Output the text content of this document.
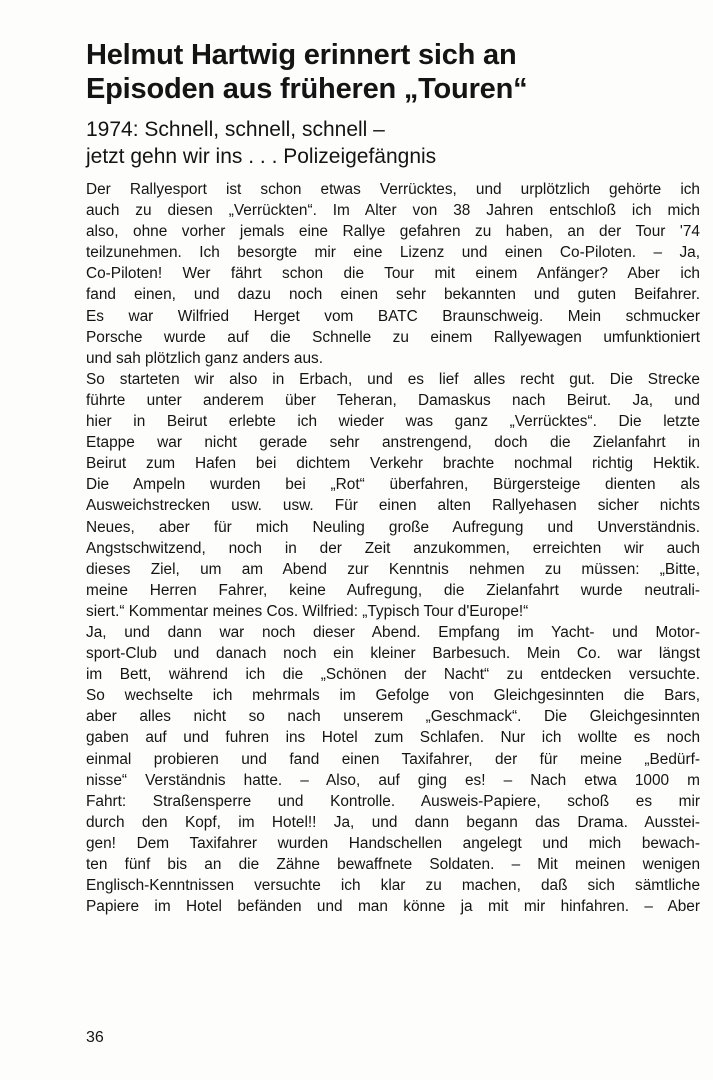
Helmut Hartwig erinnert sich an
Episoden aus früheren „Touren“
1974: Schnell, schnell, schnell –
jetzt gehn wir ins . . . Polizeigefängnis
Der Rallyesport ist schon etwas Verrücktes, und urplötzlich gehörte ich
auch zu diesen „Verrückten“. Im Alter von 38 Jahren entschloß ich mich
also, ohne vorher jemals eine Rallye gefahren zu haben, an der Tour '74
teilzunehmen. Ich besorgte mir eine Lizenz und einen Co-Piloten. – Ja,
Co-Piloten! Wer fährt schon die Tour mit einem Anfänger? Aber ich
fand einen, und dazu noch einen sehr bekannten und guten Beifahrer.
Es war Wilfried Herget vom BATC Braunschweig. Mein schmucker
Porsche wurde auf die Schnelle zu einem Rallyewagen umfunktioniert
und sah plötzlich ganz anders aus.
So starteten wir also in Erbach, und es lief alles recht gut. Die Strecke
führte unter anderem über Teheran, Damaskus nach Beirut. Ja, und
hier in Beirut erlebte ich wieder was ganz „Verrücktes“. Die letzte
Etappe war nicht gerade sehr anstrengend, doch die Zielanfahrt in
Beirut zum Hafen bei dichtem Verkehr brachte nochmal richtig Hektik.
Die Ampeln wurden bei „Rot“ überfahren, Bürgersteige dienten als
Ausweichstrecken usw. usw. Für einen alten Rallyehasen sicher nichts
Neues, aber für mich Neuling große Aufregung und Unverständnis.
Angstschwitzend, noch in der Zeit anzukommen, erreichten wir auch
dieses Ziel, um am Abend zur Kenntnis nehmen zu müssen: „Bitte,
meine Herren Fahrer, keine Aufregung, die Zielanfahrt wurde neutrali-
siert.“ Kommentar meines Cos. Wilfried: „Typisch Tour d'Europe!“
Ja, und dann war noch dieser Abend. Empfang im Yacht- und Motor-
sport-Club und danach noch ein kleiner Barbesuch. Mein Co. war längst
im Bett, während ich die „Schönen der Nacht“ zu entdecken versuchte.
So wechselte ich mehrmals im Gefolge von Gleichgesinnten die Bars,
aber alles nicht so nach unserem „Geschmack“. Die Gleichgesinnten
gaben auf und fuhren ins Hotel zum Schlafen. Nur ich wollte es noch
einmal probieren und fand einen Taxifahrer, der für meine „Bedürf-
nisse“ Verständnis hatte. – Also, auf ging es! – Nach etwa 1000 m
Fahrt: Straßensperre und Kontrolle. Ausweis-Papiere, schoß es mir
durch den Kopf, im Hotel!! Ja, und dann begann das Drama. Ausstei-
gen! Dem Taxifahrer wurden Handschellen angelegt und mich bewach-
ten fünf bis an die Zähne bewaffnete Soldaten. – Mit meinen wenigen
Englisch-Kenntnissen versuchte ich klar zu machen, daß sich sämtliche
Papiere im Hotel befänden und man könne ja mit mir hinfahren. – Aber
36
